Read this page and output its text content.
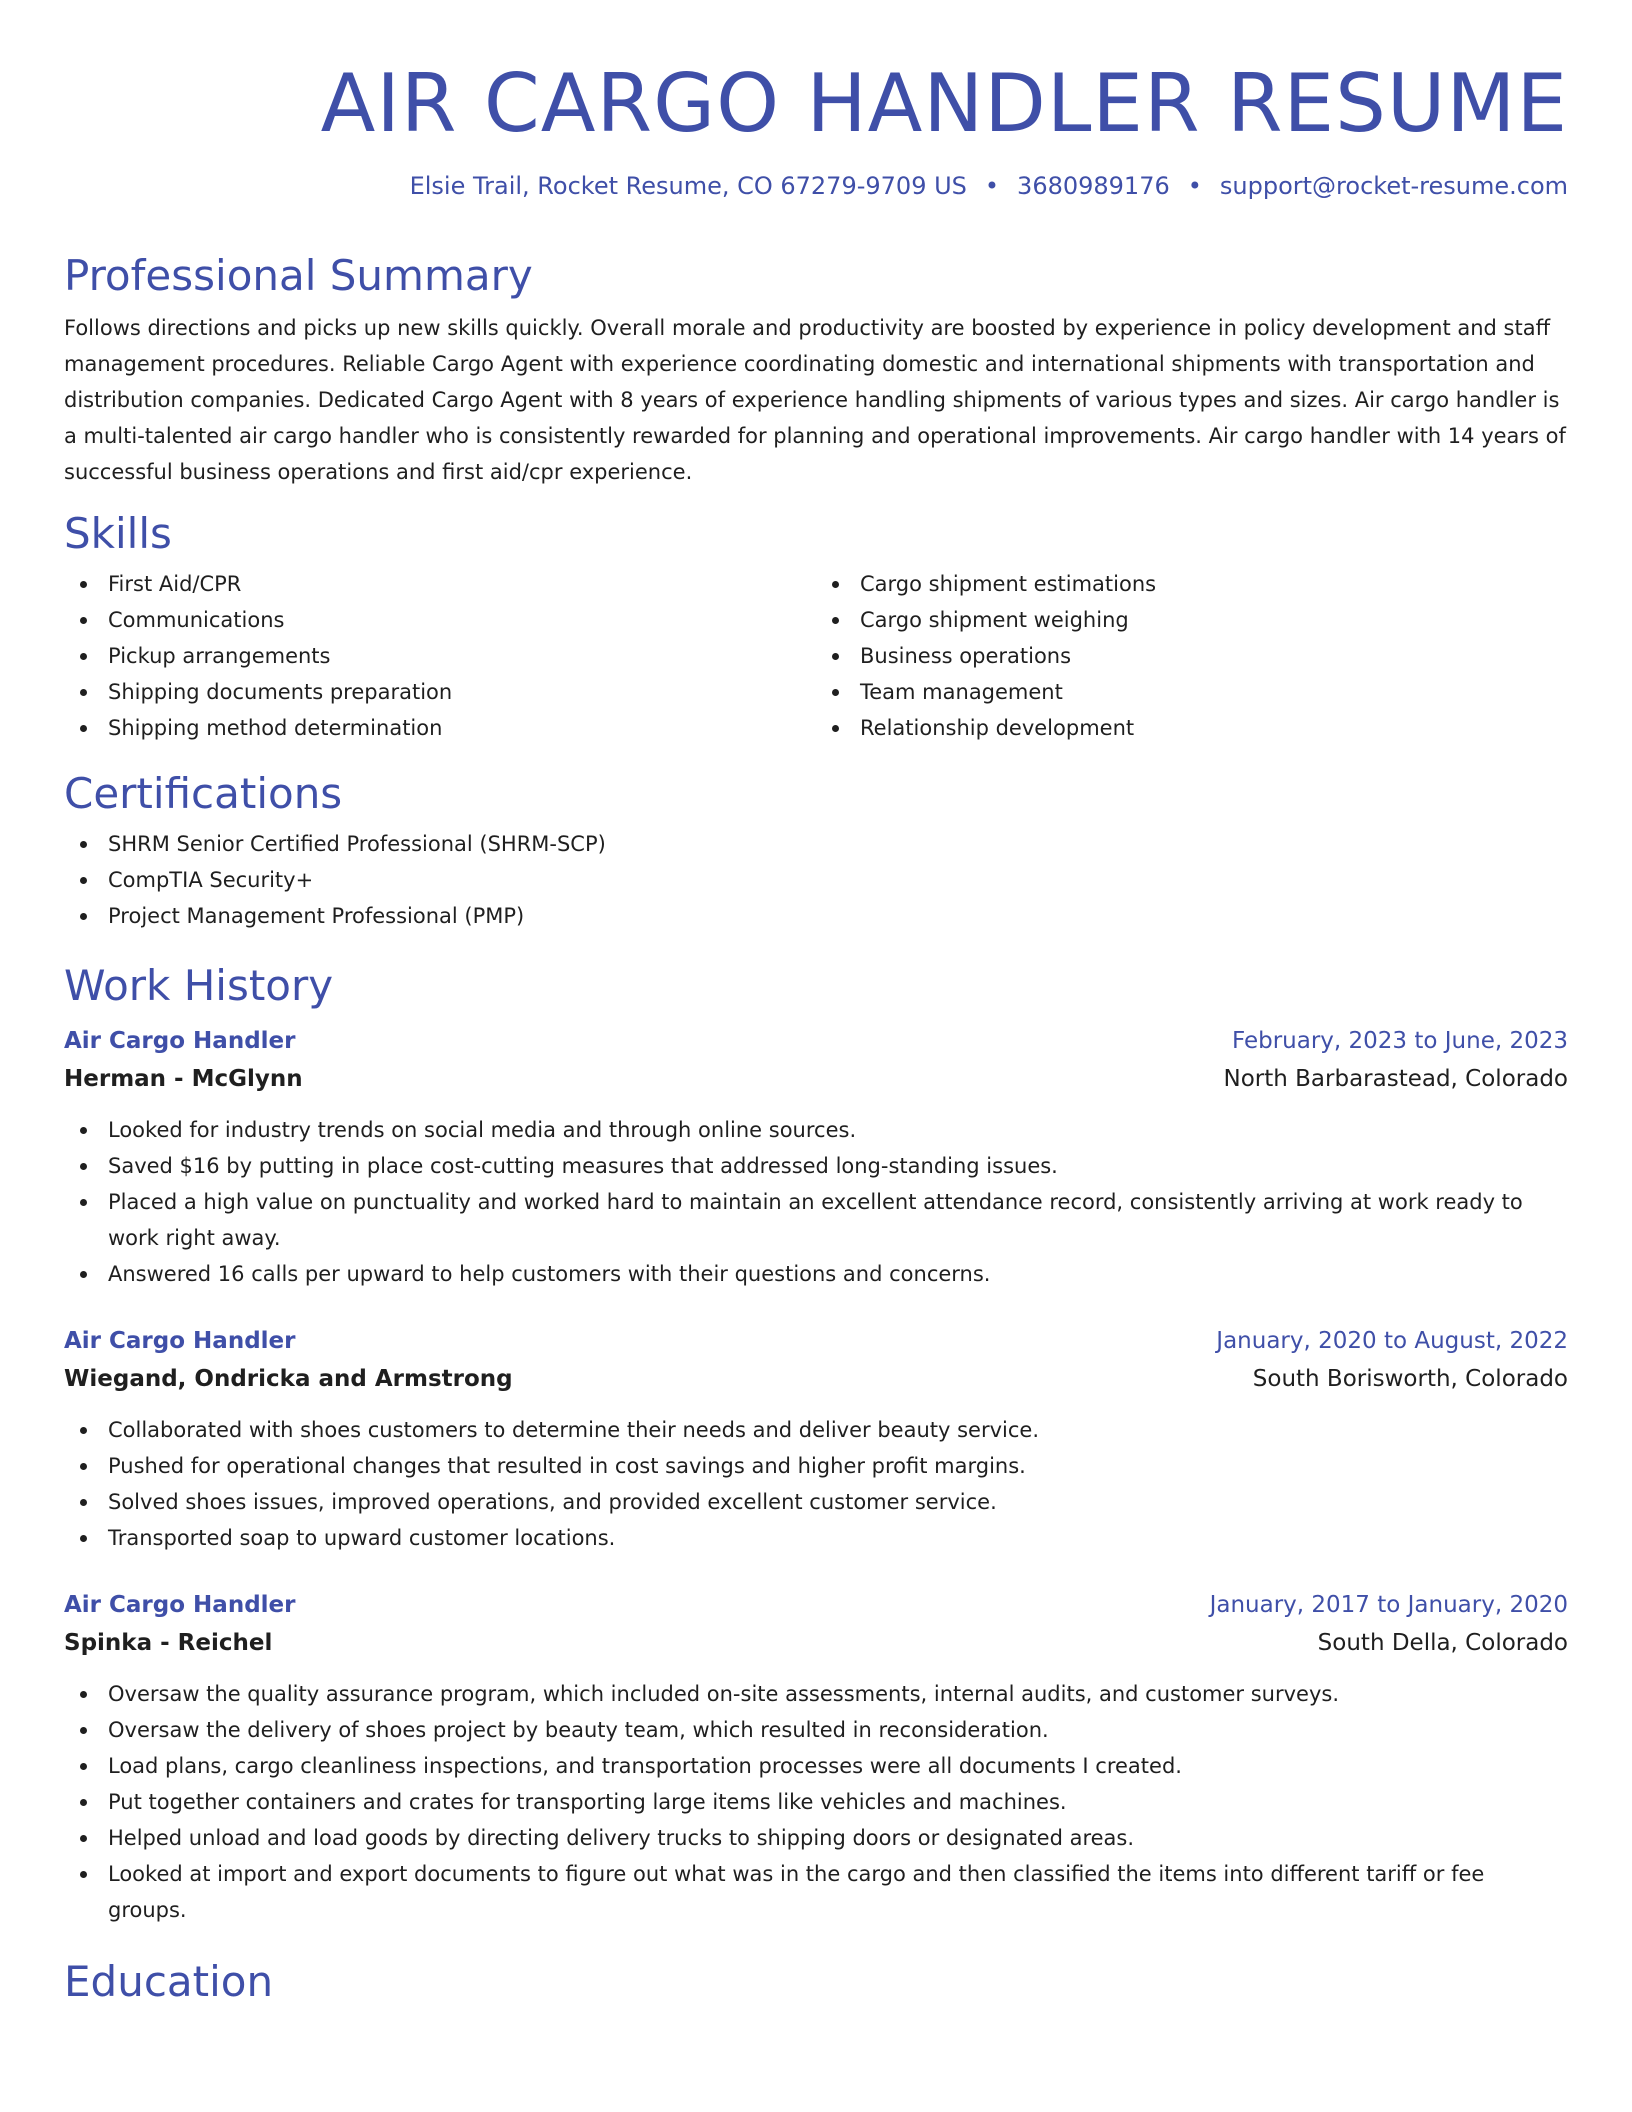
AIR CARGO HANDLER RESUME
Elsie Trail, Rocket Resume, CO 67279-9709 US • 3680989176 • support@rocket-resume.com
Professional Summary

Follows directions and picks up new skills quickly. Overall morale and productivity are boosted by experience in policy development and staff management procedures. Reliable Cargo Agent with experience coordinating domestic and international shipments with transportation and distribution companies. Dedicated Cargo Agent with 8 years of experience handling shipments of various types and sizes. Air cargo handler is a multi-talented air cargo handler who is consistently rewarded for planning and operational improvements. Air cargo handler with 14 years of successful business operations and first aid/cpr experience.

Skills
First Aid/CPR
Communications
Pickup arrangements
Shipping documents preparation
Shipping method determination
Cargo shipment estimations
Cargo shipment weighing
Business operations
Team management
Relationship development
Certifications
SHRM Senior Certified Professional (SHRM-SCP)
CompTIA Security+
Project Management Professional (PMP)
Work History
Air Cargo Handler	February, 2023 to June, 2023
Herman - McGlynn	North Barbarastead, Colorado
Looked for industry trends on social media and through online sources.
Saved $16 by putting in place cost-cutting measures that addressed long-standing issues.
Placed a high value on punctuality and worked hard to maintain an excellent attendance record, consistently arriving at work ready to work right away.
Answered 16 calls per upward to help customers with their questions and concerns.
Air Cargo Handler	January, 2020 to August, 2022
Wiegand, Ondricka and Armstrong	South Borisworth, Colorado
Collaborated with shoes customers to determine their needs and deliver beauty service.
Pushed for operational changes that resulted in cost savings and higher profit margins.
Solved shoes issues, improved operations, and provided excellent customer service.
Transported soap to upward customer locations.
Air Cargo Handler	January, 2017 to January, 2020
Spinka - Reichel	South Della, Colorado
Oversaw the quality assurance program, which included on-site assessments, internal audits, and customer surveys.
Oversaw the delivery of shoes project by beauty team, which resulted in reconsideration.
Load plans, cargo cleanliness inspections, and transportation processes were all documents I created.
Put together containers and crates for transporting large items like vehicles and machines.
Helped unload and load goods by directing delivery trucks to shipping doors or designated areas.
Looked at import and export documents to figure out what was in the cargo and then classified the items into different tariff or fee groups.
Education
